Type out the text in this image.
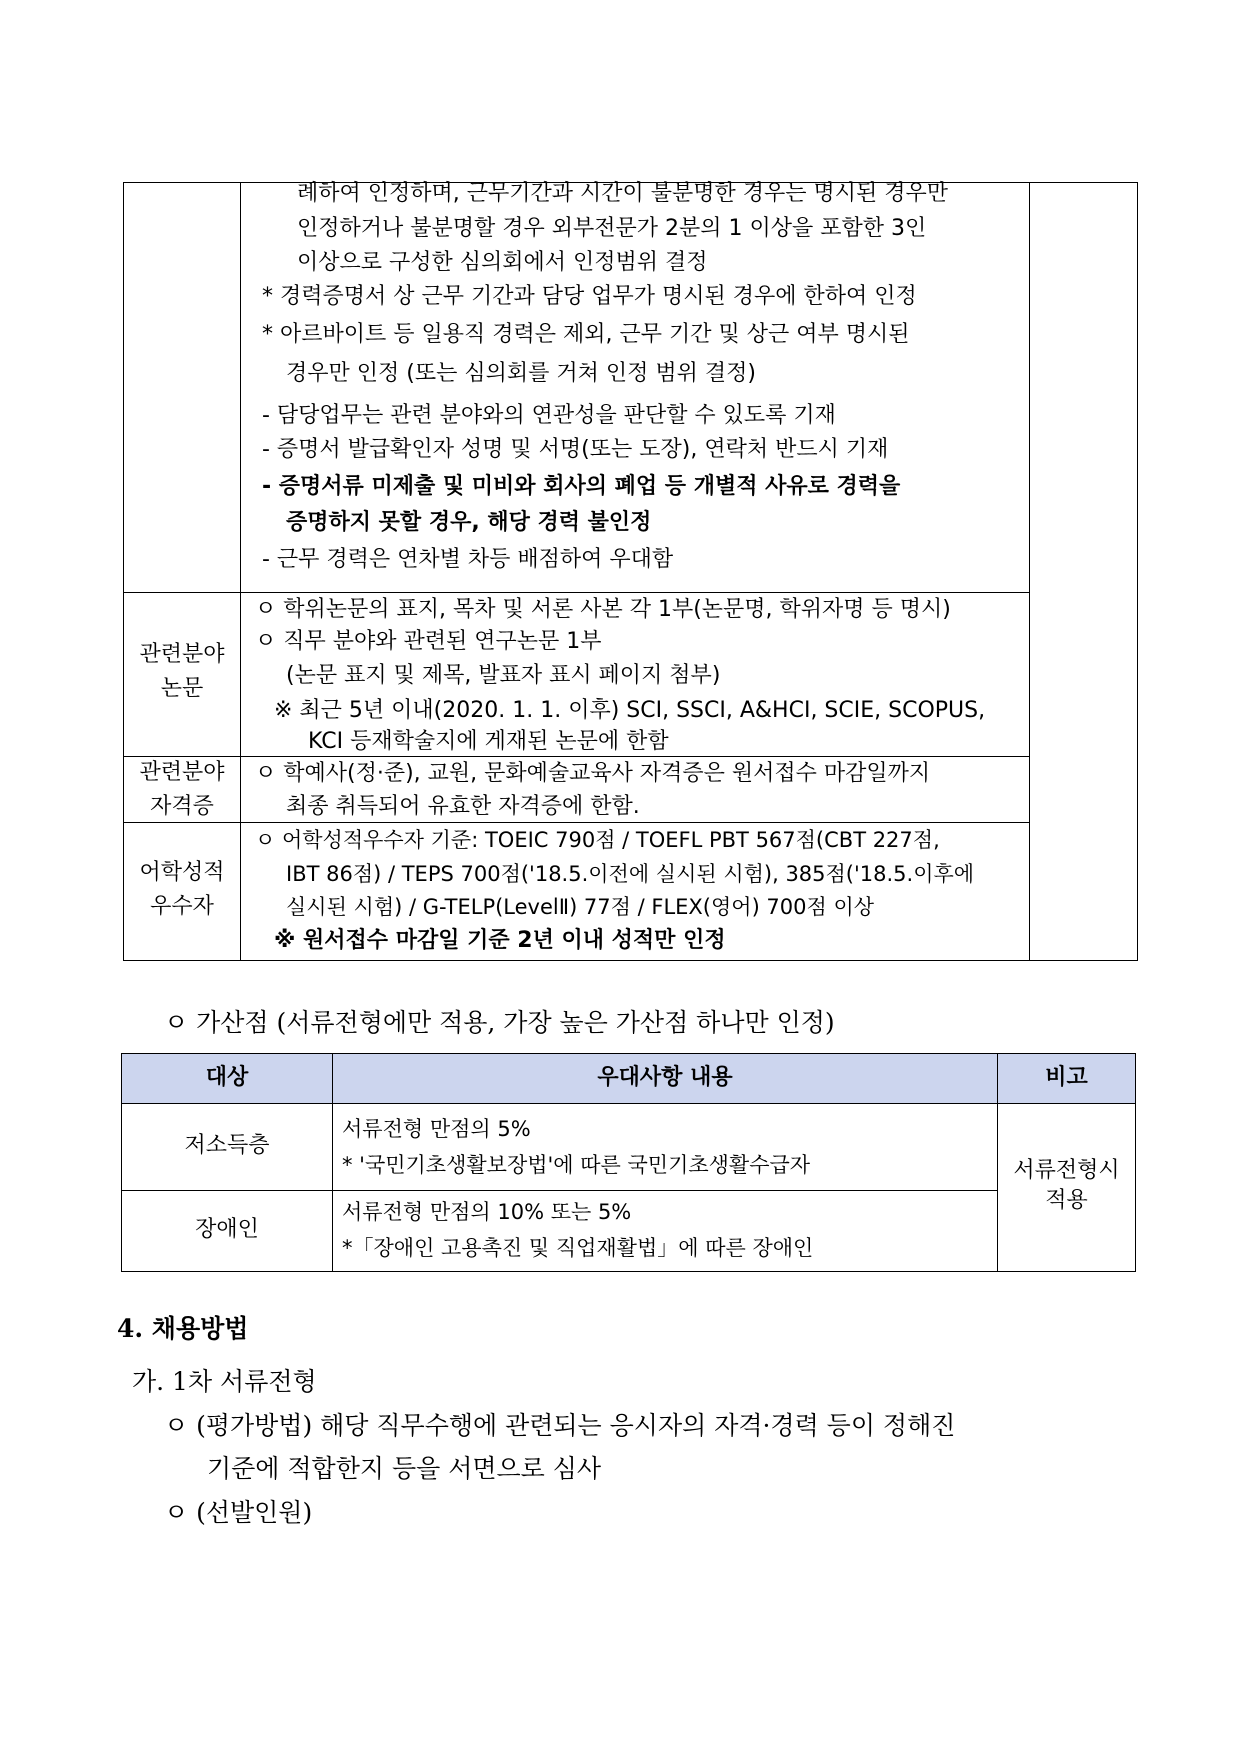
례하여 인정하며, 근무기간과 시간이 불분명한 경우는 명시된 경우만
인정하거나 불분명할 경우 외부전문가 2분의 1 이상을 포함한 3인
이상으로 구성한 심의회에서 인정범위 결정
* 경력증명서 상 근무 기간과 담당 업무가 명시된 경우에 한하여 인정
* 아르바이트 등 일용직 경력은 제외, 근무 기간 및 상근 여부 명시된
경우만 인정 (또는 심의회를 거쳐 인정 범위 결정)
- 담당업무는 관련 분야와의 연관성을 판단할 수 있도록 기재
- 증명서 발급확인자 성명 및 서명(또는 도장), 연락처 반드시 기재
- 증명서류 미제출 및 미비와 회사의 폐업 등 개별적 사유로 경력을
증명하지 못할 경우, 해당 경력 불인정
- 근무 경력은 연차별 차등 배점하여 우대함
관련분야
논문
ㅇ 학위논문의 표지, 목차 및 서론 사본 각 1부(논문명, 학위자명 등 명시)
ㅇ 직무 분야와 관련된 연구논문 1부
(논문 표지 및 제목, 발표자 표시 페이지 첨부)
※ 최근 5년 이내(2020. 1. 1. 이후) SCI, SSCI, A&HCI, SCIE, SCOPUS,
KCI 등재학술지에 게재된 논문에 한함
관련분야
자격증
ㅇ 학예사(정·준), 교원, 문화예술교육사 자격증은 원서접수 마감일까지
최종 취득되어 유효한 자격증에 한함.
어학성적
우수자
ㅇ 어학성적우수자 기준: TOEIC 790점 / TOEFL PBT 567점(CBT 227점,
IBT 86점) / TEPS 700점('18.5.이전에 실시된 시험), 385점('18.5.이후에
실시된 시험) / G-TELP(LevelⅡ) 77점 / FLEX(영어) 700점 이상
※ 원서접수 마감일 기준 2년 이내 성적만 인정
ㅇ 가산점 (서류전형에만 적용, 가장 높은 가산점 하나만 인정)
대상	우대사항 내용	비고
저소득층
서류전형 만점의 5%
* '국민기초생활보장법'에 따른 국민기초생활수급자
장애인
서류전형 만점의 10% 또는 5%
*「장애인 고용촉진 및 직업재활법」에 따른 장애인
서류전형시
적용
4. 채용방법
가. 1차 서류전형
ㅇ (평가방법) 해당 직무수행에 관련되는 응시자의 자격·경력 등이 정해진
기준에 적합한지 등을 서면으로 심사
ㅇ (선발인원)
